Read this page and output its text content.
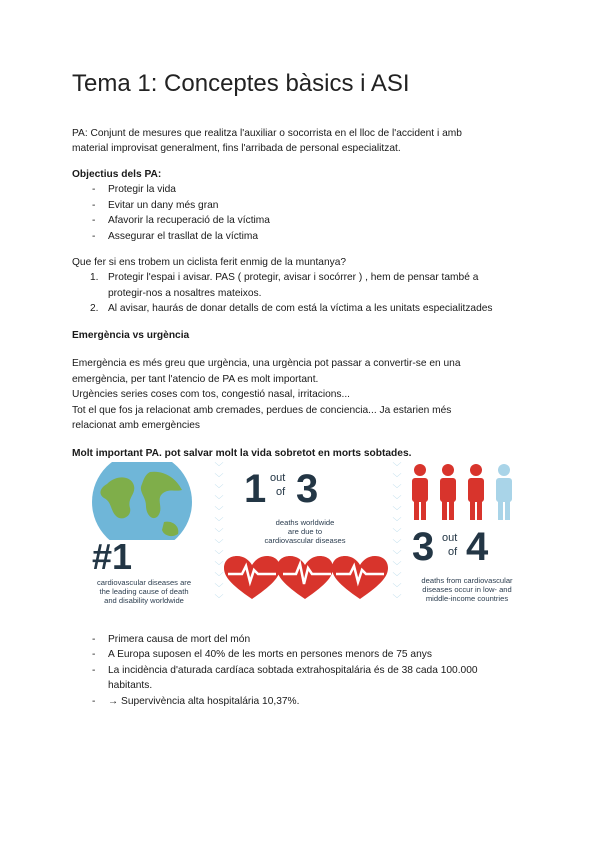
Tema 1: Conceptes bàsics i ASI

PA: Conjunt de mesures que realitza l'auxiliar o socorrista en el lloc de l'accident i amb

material improvisat generalment, fins l'arribada de personal especialitzat.

Objectius dels PA:

- Protegir la vida
- Evitar un dany més gran
- Afavorir la recuperació de la víctima
- Assegurar el trasllat de la víctima

Que fer si ens trobem un ciclista ferit enmig de la muntanya?

1. Protegir l'espai i avisar. PAS ( protegir, avisar i socórrer ) , hem de pensar també a
protegir-nos a nosaltres mateixos.
2. Al avisar, haurás de donar detalls de com está la víctima a les unitats especialitzades

Emergència vs urgència

Emergència es més greu que urgència, una urgència pot passar a convertir-se en una

emergència, per tant l'atencio de PA es molt important.

Urgències series coses com tos, congestió nasal, irritacions...

Tot el que fos ja relacionat amb cremades, perdues de conciencia... Ja estarien més

relacionat amb emergències

Molt important PA. pot salvar molt la vida sobretot en morts sobtades.
- Primera causa de mort del món
- A Europa suposen el 40% de les morts en persones menors de 75 anys
- La incidència d'aturada cardíaca sobtada extrahospitalária és de 38 cada 100.000
habitants.
- → Supervivència alta hospitalária 10,37%.
#1
cardiovascular diseases are
the leading cause of death
and disability worldwide
﹀
﹀
﹀
﹀
﹀
﹀
﹀
﹀
﹀
﹀
﹀
﹀
﹀
1 out
of 3
deaths worldwide
are due to
cardiovascular diseases
﹀
﹀
﹀
﹀
﹀
﹀
﹀
﹀
﹀
﹀
﹀
﹀
﹀
3 out
of 4
deaths from cardiovascular
diseases occur in low- and
middle-income countries
